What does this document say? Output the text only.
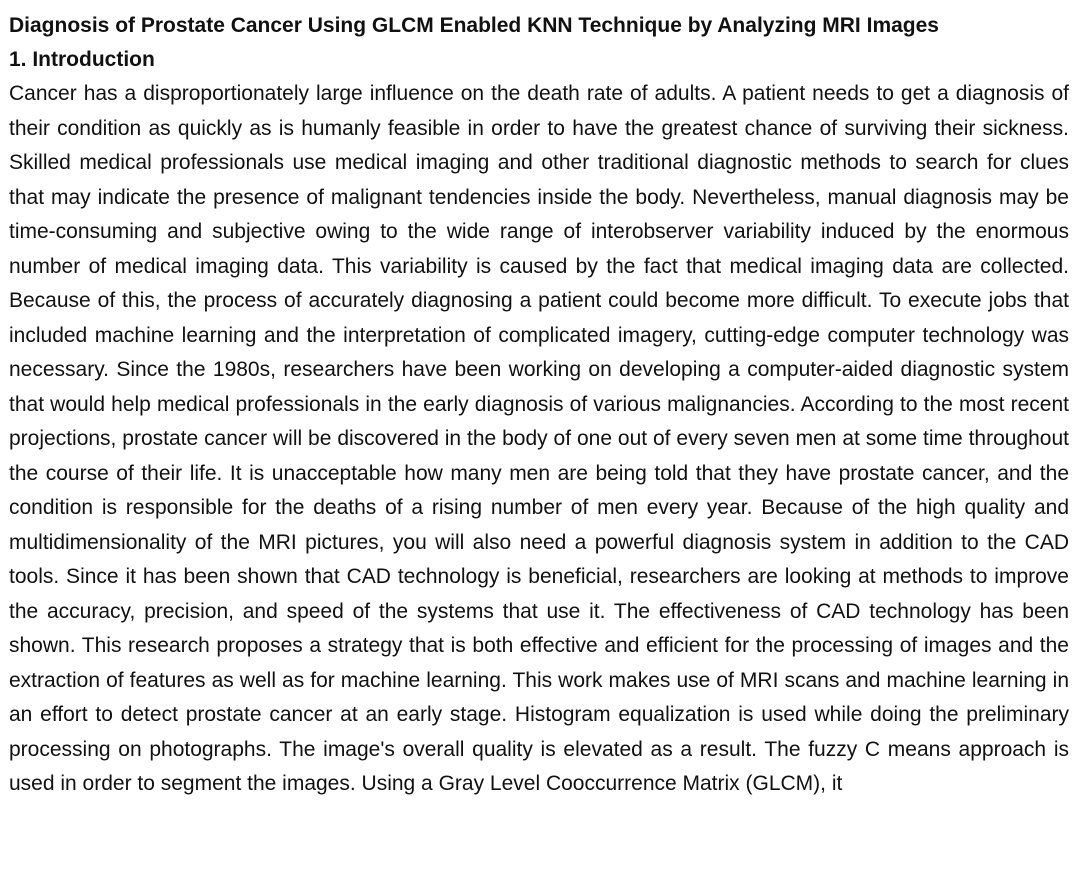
Diagnosis of Prostate Cancer Using GLCM Enabled KNN Technique by Analyzing MRI Images
1. Introduction

Cancer has a disproportionately large influence on the death rate of adults. A patient needs to get a diagnosis of their condition as quickly as is humanly feasible in order to have the greatest chance of surviving their sickness. Skilled medical professionals use medical imaging and other traditional diagnostic methods to search for clues that may indicate the presence of malignant tendencies inside the body. Nevertheless, manual diagnosis may be time-consuming and subjective owing to the wide range of interobserver variability induced by the enormous number of medical imaging data. This variability is caused by the fact that medical imaging data are collected. Because of this, the process of accurately diagnosing a patient could become more difficult. To execute jobs that included machine learning and the interpretation of complicated imagery, cutting-edge computer technology was necessary. Since the 1980s, researchers have been working on developing a computer-aided diagnostic system that would help medical professionals in the early diagnosis of various malignancies. According to the most recent projections, prostate cancer will be discovered in the body of one out of every seven men at some time throughout the course of their life. It is unacceptable how many men are being told that they have prostate cancer, and the condition is responsible for the deaths of a rising number of men every year. Because of the high quality and multidimensionality of the MRI pictures, you will also need a powerful diagnosis system in addition to the CAD tools. Since it has been shown that CAD technology is beneficial, researchers are looking at methods to improve the accuracy, precision, and speed of the systems that use it. The effectiveness of CAD technology has been shown. This research proposes a strategy that is both effective and efficient for the processing of images and the extraction of features as well as for machine learning. This work makes use of MRI scans and machine learning in an effort to detect prostate cancer at an early stage. Histogram equalization is used while doing the preliminary processing on photographs. The image's overall quality is elevated as a result. The fuzzy C means approach is used in order to segment the images. Using a Gray Level Cooccurrence Matrix (GLCM), it
